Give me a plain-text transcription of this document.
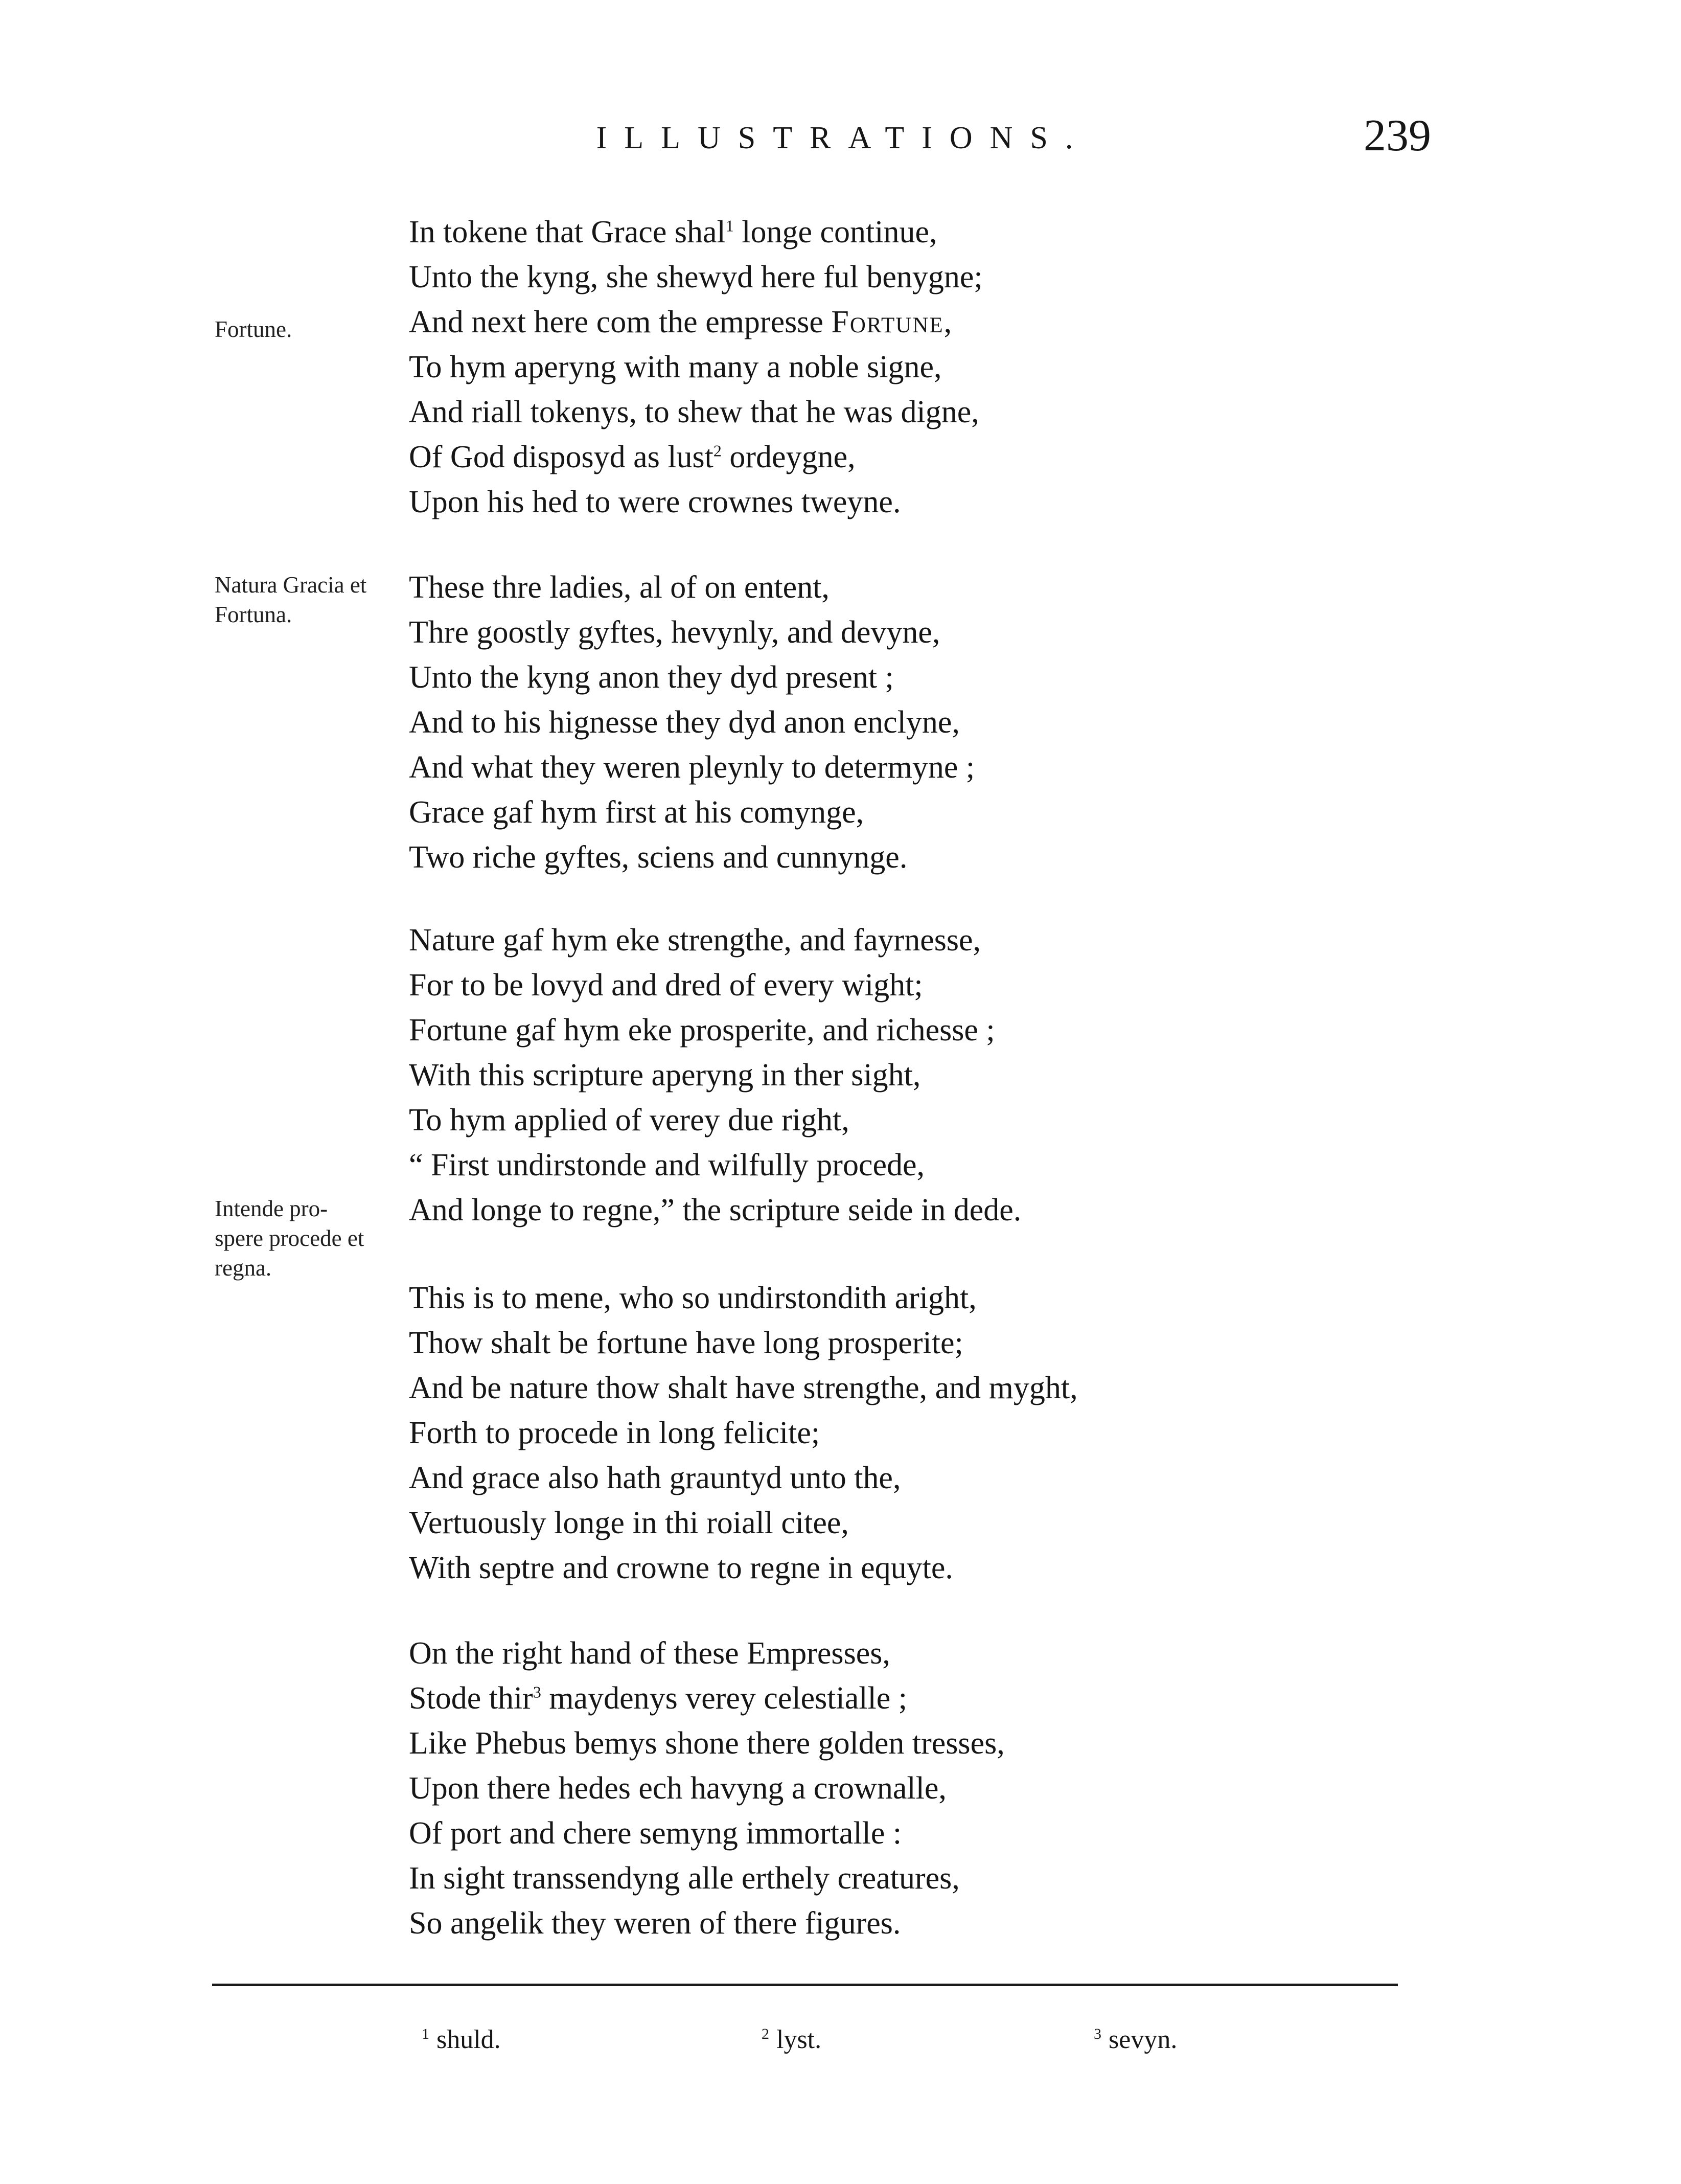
ILLUSTRATIONS.	239
Fortune.
Natura Gracia et Fortuna.
Intende pro- spere procede et regna.
In tokene that Grace shal$^1$ longe continue,
Unto the kyng, she shewyd here ful benygne;
And next here com the empresse Fortune,
To hym aperyng with many a noble signe,
And riall tokenys, to shew that he was digne,
Of God disposyd as lust$^2$ ordeygne,
Upon his hed to were crownes tweyne.
These thre ladies, al of on entent,
Thre goostly gyftes, hevynly, and devyne,
Unto the kyng anon they dyd present ;
And to his hignesse they dyd anon enclyne,
And what they weren pleynly to determyne ;
Grace gaf hym first at his comynge,
Two riche gyftes, sciens and cunnynge.
Nature gaf hym eke strengthe, and fayrnesse,
For to be lovyd and dred of every wight;
Fortune gaf hym eke prosperite, and richesse ;
With this scripture aperyng in ther sight,
To hym applied of verey due right,
“ First undirstonde and wilfully procede,
And longe to regne,” the scripture seide in dede.
This is to mene, who so undirstondith aright,
Thow shalt be fortune have long prosperite;
And be nature thow shalt have strengthe, and myght,
Forth to procede in long felicite;
And grace also hath grauntyd unto the,
Vertuously longe in thi roiall citee,
With septre and crowne to regne in equyte.
On the right hand of these Empresses,
Stode thir$^3$ maydenys verey celestialle ;
Like Phebus bemys shone there golden tresses,
Upon there hedes ech havyng a crownalle,
Of port and chere semyng immortalle :
In sight transsendyng alle erthely creatures,
So angelik they weren of there figures.
$^1$ shuld.	$^2$ lyst.	$^3$ sevyn.
